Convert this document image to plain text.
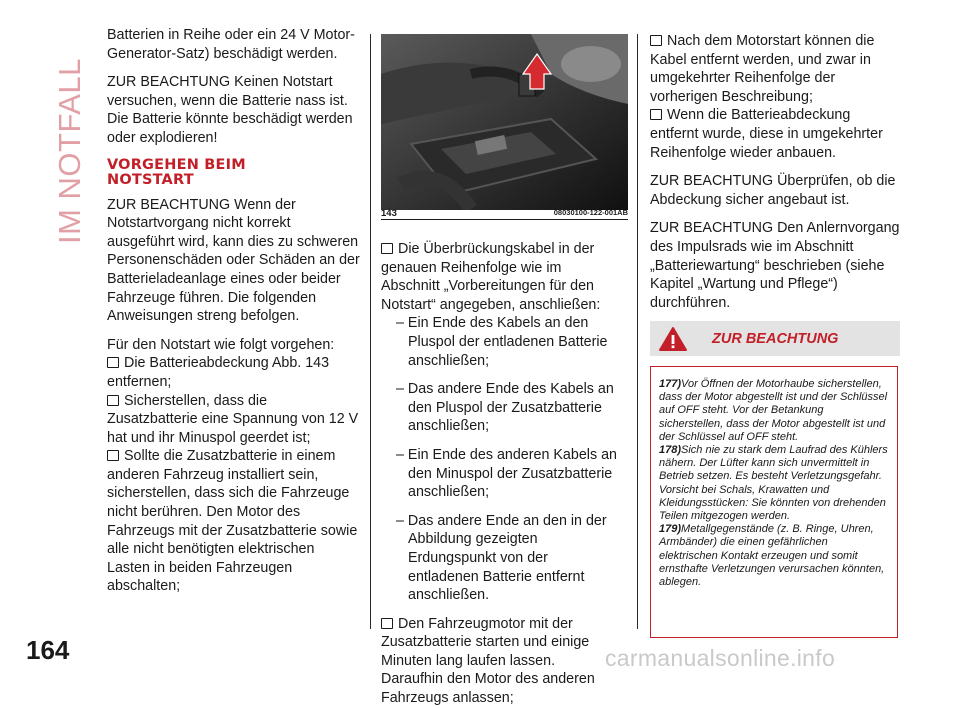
IM NOTFALL
164

Batterien in Reihe oder ein 24 V Motor-Generator-Satz) beschädigt werden.

ZUR BEACHTUNG Keinen Notstart versuchen, wenn die Batterie nass ist. Die Batterie könnte beschädigt werden oder explodieren!

VORGEHEN BEIM
NOTSTART

ZUR BEACHTUNG Wenn der Notstartvorgang nicht korrekt ausgeführt wird, kann dies zu schweren Personenschäden oder Schäden an der Batterieladeanlage eines oder beider Fahrzeuge führen. Die folgenden Anweisungen streng befolgen.

Für den Notstart wie folgt vorgehen:
Die Batterieabdeckung Abb. 143 entfernen;
Sicherstellen, dass die Zusatzbatterie eine Spannung von 12 V hat und ihr Minuspol geerdet ist;
Sollte die Zusatzbatterie in einem anderen Fahrzeug installiert sein, sicherstellen, dass sich die Fahrzeuge nicht berühren. Den Motor des Fahrzeugs mit der Zusatzbatterie sowie alle nicht benötigten elektrischen Lasten in beiden Fahrzeugen abschalten;
143	08030100-122-001AB
Die Überbrückungskabel in der genauen Reihenfolge wie im Abschnitt „Vorbereitungen für den Notstart“ angegeben, anschließen:

– Ein Ende des Kabels an den Pluspol der entladenen Batterie anschließen;

– Das andere Ende des Kabels an den Pluspol der Zusatzbatterie anschließen;

– Ein Ende des anderen Kabels an den Minuspol der Zusatzbatterie anschließen;

– Das andere Ende an den in der Abbildung gezeigten Erdungspunkt von der entladenen Batterie entfernt anschließen.

Den Fahrzeugmotor mit der Zusatzbatterie starten und einige Minuten lang laufen lassen. Daraufhin den Motor des anderen Fahrzeugs anlassen;
Nach dem Motorstart können die Kabel entfernt werden, und zwar in umgekehrter Reihenfolge der vorherigen Beschreibung;
Wenn die Batterieabdeckung entfernt wurde, diese in umgekehrter Reihenfolge wieder anbauen.

ZUR BEACHTUNG Überprüfen, ob die Abdeckung sicher angebaut ist.

ZUR BEACHTUNG Den Anlernvorgang des Impulsrads wie im Abschnitt „Batteriewartung“ beschrieben (siehe Kapitel „Wartung und Pflege“) durchführen.

ZUR BEACHTUNG

177)Vor Öffnen der Motorhaube sicherstellen, dass der Motor abgestellt ist und der Schlüssel auf OFF steht. Vor der Betankung sicherstellen, dass der Motor abgestellt ist und der Schlüssel auf OFF steht.

178)Sich nie zu stark dem Laufrad des Kühlers nähern. Der Lüfter kann sich unvermittelt in Betrieb setzen. Es besteht Verletzungsgefahr. Vorsicht bei Schals, Krawatten und Kleidungsstücken: Sie könnten von drehenden Teilen mitgezogen werden.

179)Metallgegenstände (z. B. Ringe, Uhren, Armbänder) die einen gefährlichen elektrischen Kontakt erzeugen und somit ernsthafte Verletzungen verursachen könnten, ablegen.

carmanualsonline.info
